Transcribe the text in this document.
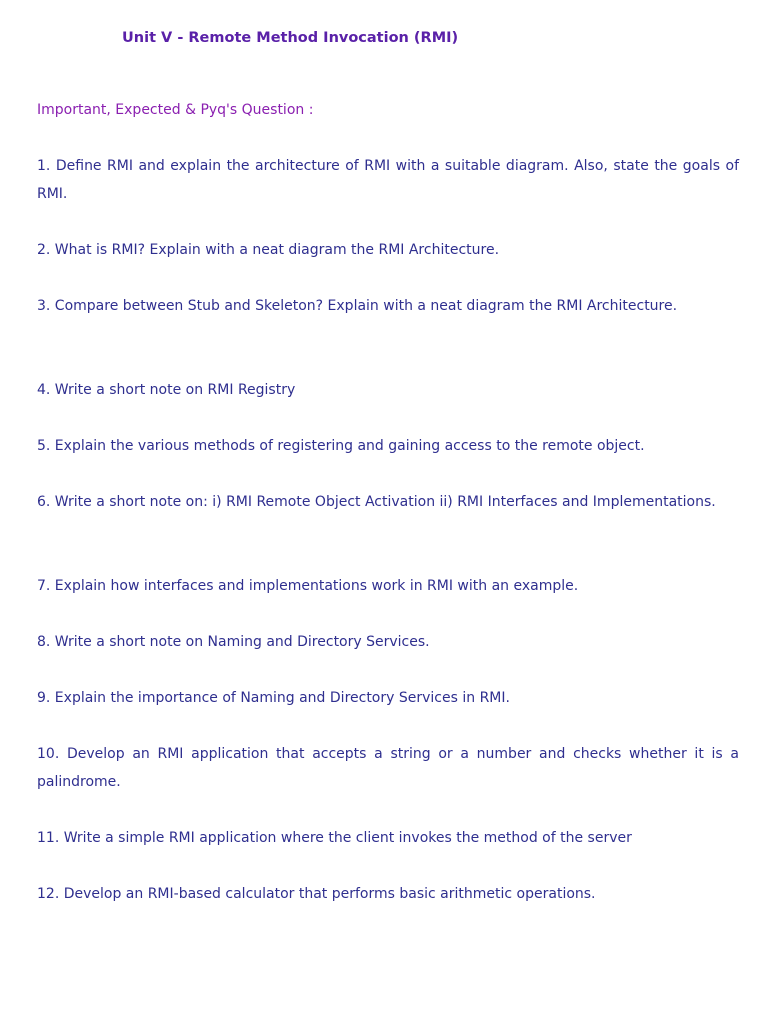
Unit V - Remote Method Invocation (RMI)
Important, Expected & Pyq's Question :
1. Define RMI and explain the architecture of RMI with a suitable diagram. Also, state the goals of RMI.
2. What is RMI? Explain with a neat diagram the RMI Architecture.
3. Compare between Stub and Skeleton? Explain with a neat diagram the RMI Architecture.
4. Write a short note on RMI Registry
5. Explain the various methods of registering and gaining access to the remote object.
6. Write a short note on: i) RMI Remote Object Activation ii) RMI Interfaces and Implementations.
7. Explain how interfaces and implementations work in RMI with an example.
8. Write a short note on Naming and Directory Services.
9. Explain the importance of Naming and Directory Services in RMI.
10. Develop an RMI application that accepts a string or a number and checks whether it is a palindrome.
11. Write a simple RMI application where the client invokes the method of the server
12. Develop an RMI-based calculator that performs basic arithmetic operations.
